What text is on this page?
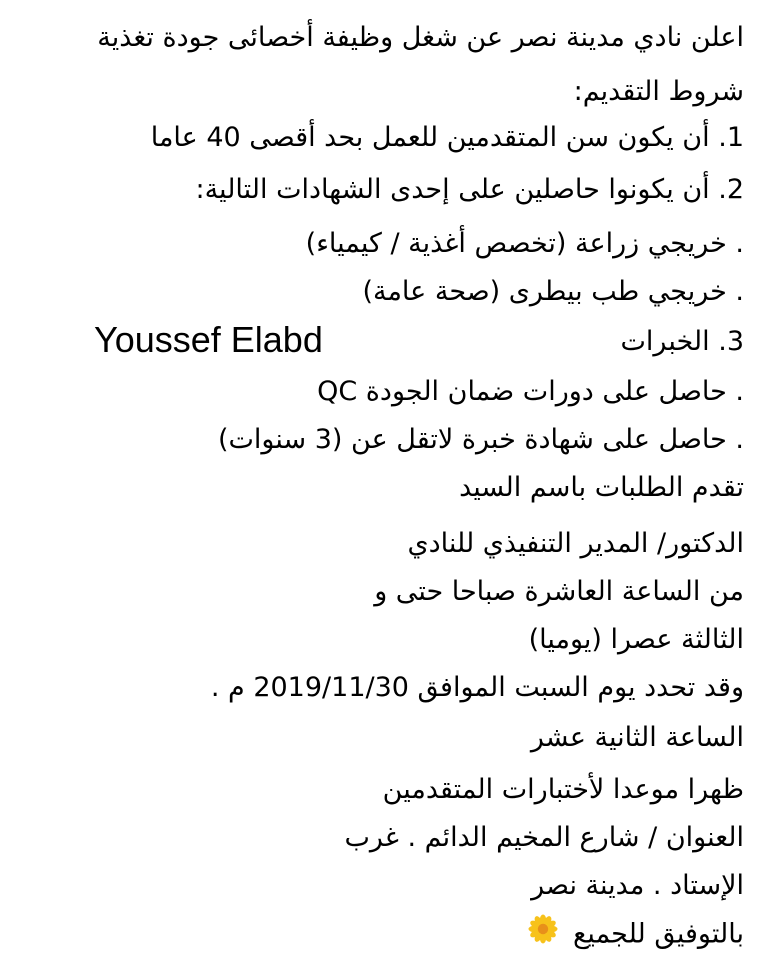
اعلن نادي مدينة نصر عن شغل وظيفة أخصائى جودة تغذية
شروط التقديم:
1. أن يكون سن المتقدمين للعمل بحد أقصى 40 عاما
2. أن يكونوا حاصلين على إحدى الشهادات التالية:
. خريجي زراعة (تخصص أغذية / كيمياء)
. خريجي طب بيطرى (صحة عامة)
3. الخبرات
. حاصل على دورات ضمان الجودة QC
. حاصل على شهادة خبرة لاتقل عن (3 سنوات)
تقدم الطلبات باسم السيد
الدكتور/ المدير التنفيذي للنادي
من الساعة العاشرة صباحا حتى و
الثالثة عصرا (يوميا)
وقد تحدد يوم السبت الموافق 2019/11/30 م .
الساعة الثانية عشر
ظهرا موعدا لأختبارات المتقدمين
العنوان / شارع المخيم الدائم . غرب
الإستاد . مدينة نصر
بالتوفيق للجميع
Youssef Elabd
